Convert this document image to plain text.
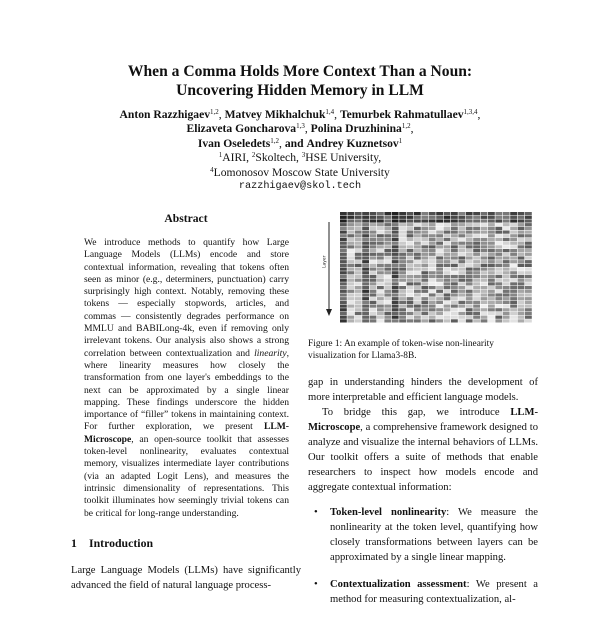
When a Comma Holds More Context Than a Noun:
Uncovering Hidden Memory in LLM
Anton Razzhigaev$^{1,2}$, Matvey Mikhalchuk$^{1,4}$, Temurbek Rahmatullaev$^{1,3,4}$,
Elizaveta Goncharova$^{1,3}$, Polina Druzhinina$^{1,2}$,
Ivan Oseledets$^{1,2}$, and Andrey Kuznetsov$^1$
$^1$AIRI, $^2$Skoltech, $^3$HSE University,
$^4$Lomonosov Moscow State University
razzhigaev@skol.tech
Abstract

We introduce methods to quantify how Large Language Models (LLMs) encode and store contextual information, revealing that tokens often seen as minor (e.g., determiners, punctuation) carry surprisingly high context. Notably, removing these tokens — especially stopwords, articles, and commas — consistently degrades performance on MMLU and BABILong-4k, even if removing only irrelevant tokens. Our analysis also shows a strong correlation between contextualization and linearity, where linearity measures how closely the transformation from one layer's embeddings to the next can be approximated by a single linear mapping. These findings underscore the hidden importance of “filler” tokens in maintaining context. For further exploration, we present LLM-Microscope, an open-source toolkit that assesses token-level nonlinearity, evaluates contextual memory, visualizes intermediate layer contributions (via an adapted Logit Lens), and measures the intrinsic dimensionality of representations. This toolkit illuminates how seemingly trivial tokens can be critical for long-range understanding.

1 Introduction

Large Language Models (LLMs) have significantly advanced the field of natural language process-

Layer
Figure 1: An example of token-wise non-linearity visualization for Llama3-8B.

gap in understanding hinders the development of more interpretable and efficient language models.

To bridge this gap, we introduce LLM-Microscope, a comprehensive framework designed to analyze and visualize the internal behaviors of LLMs. Our toolkit offers a suite of methods that enable researchers to inspect how models encode and aggregate contextual information:

• Token-level nonlinearity: We measure the nonlinearity at the token level, quantifying how closely transformations between layers can be approximated by a single linear mapping.
• Contextualization assessment: We present a method for measuring contextualization, al-
